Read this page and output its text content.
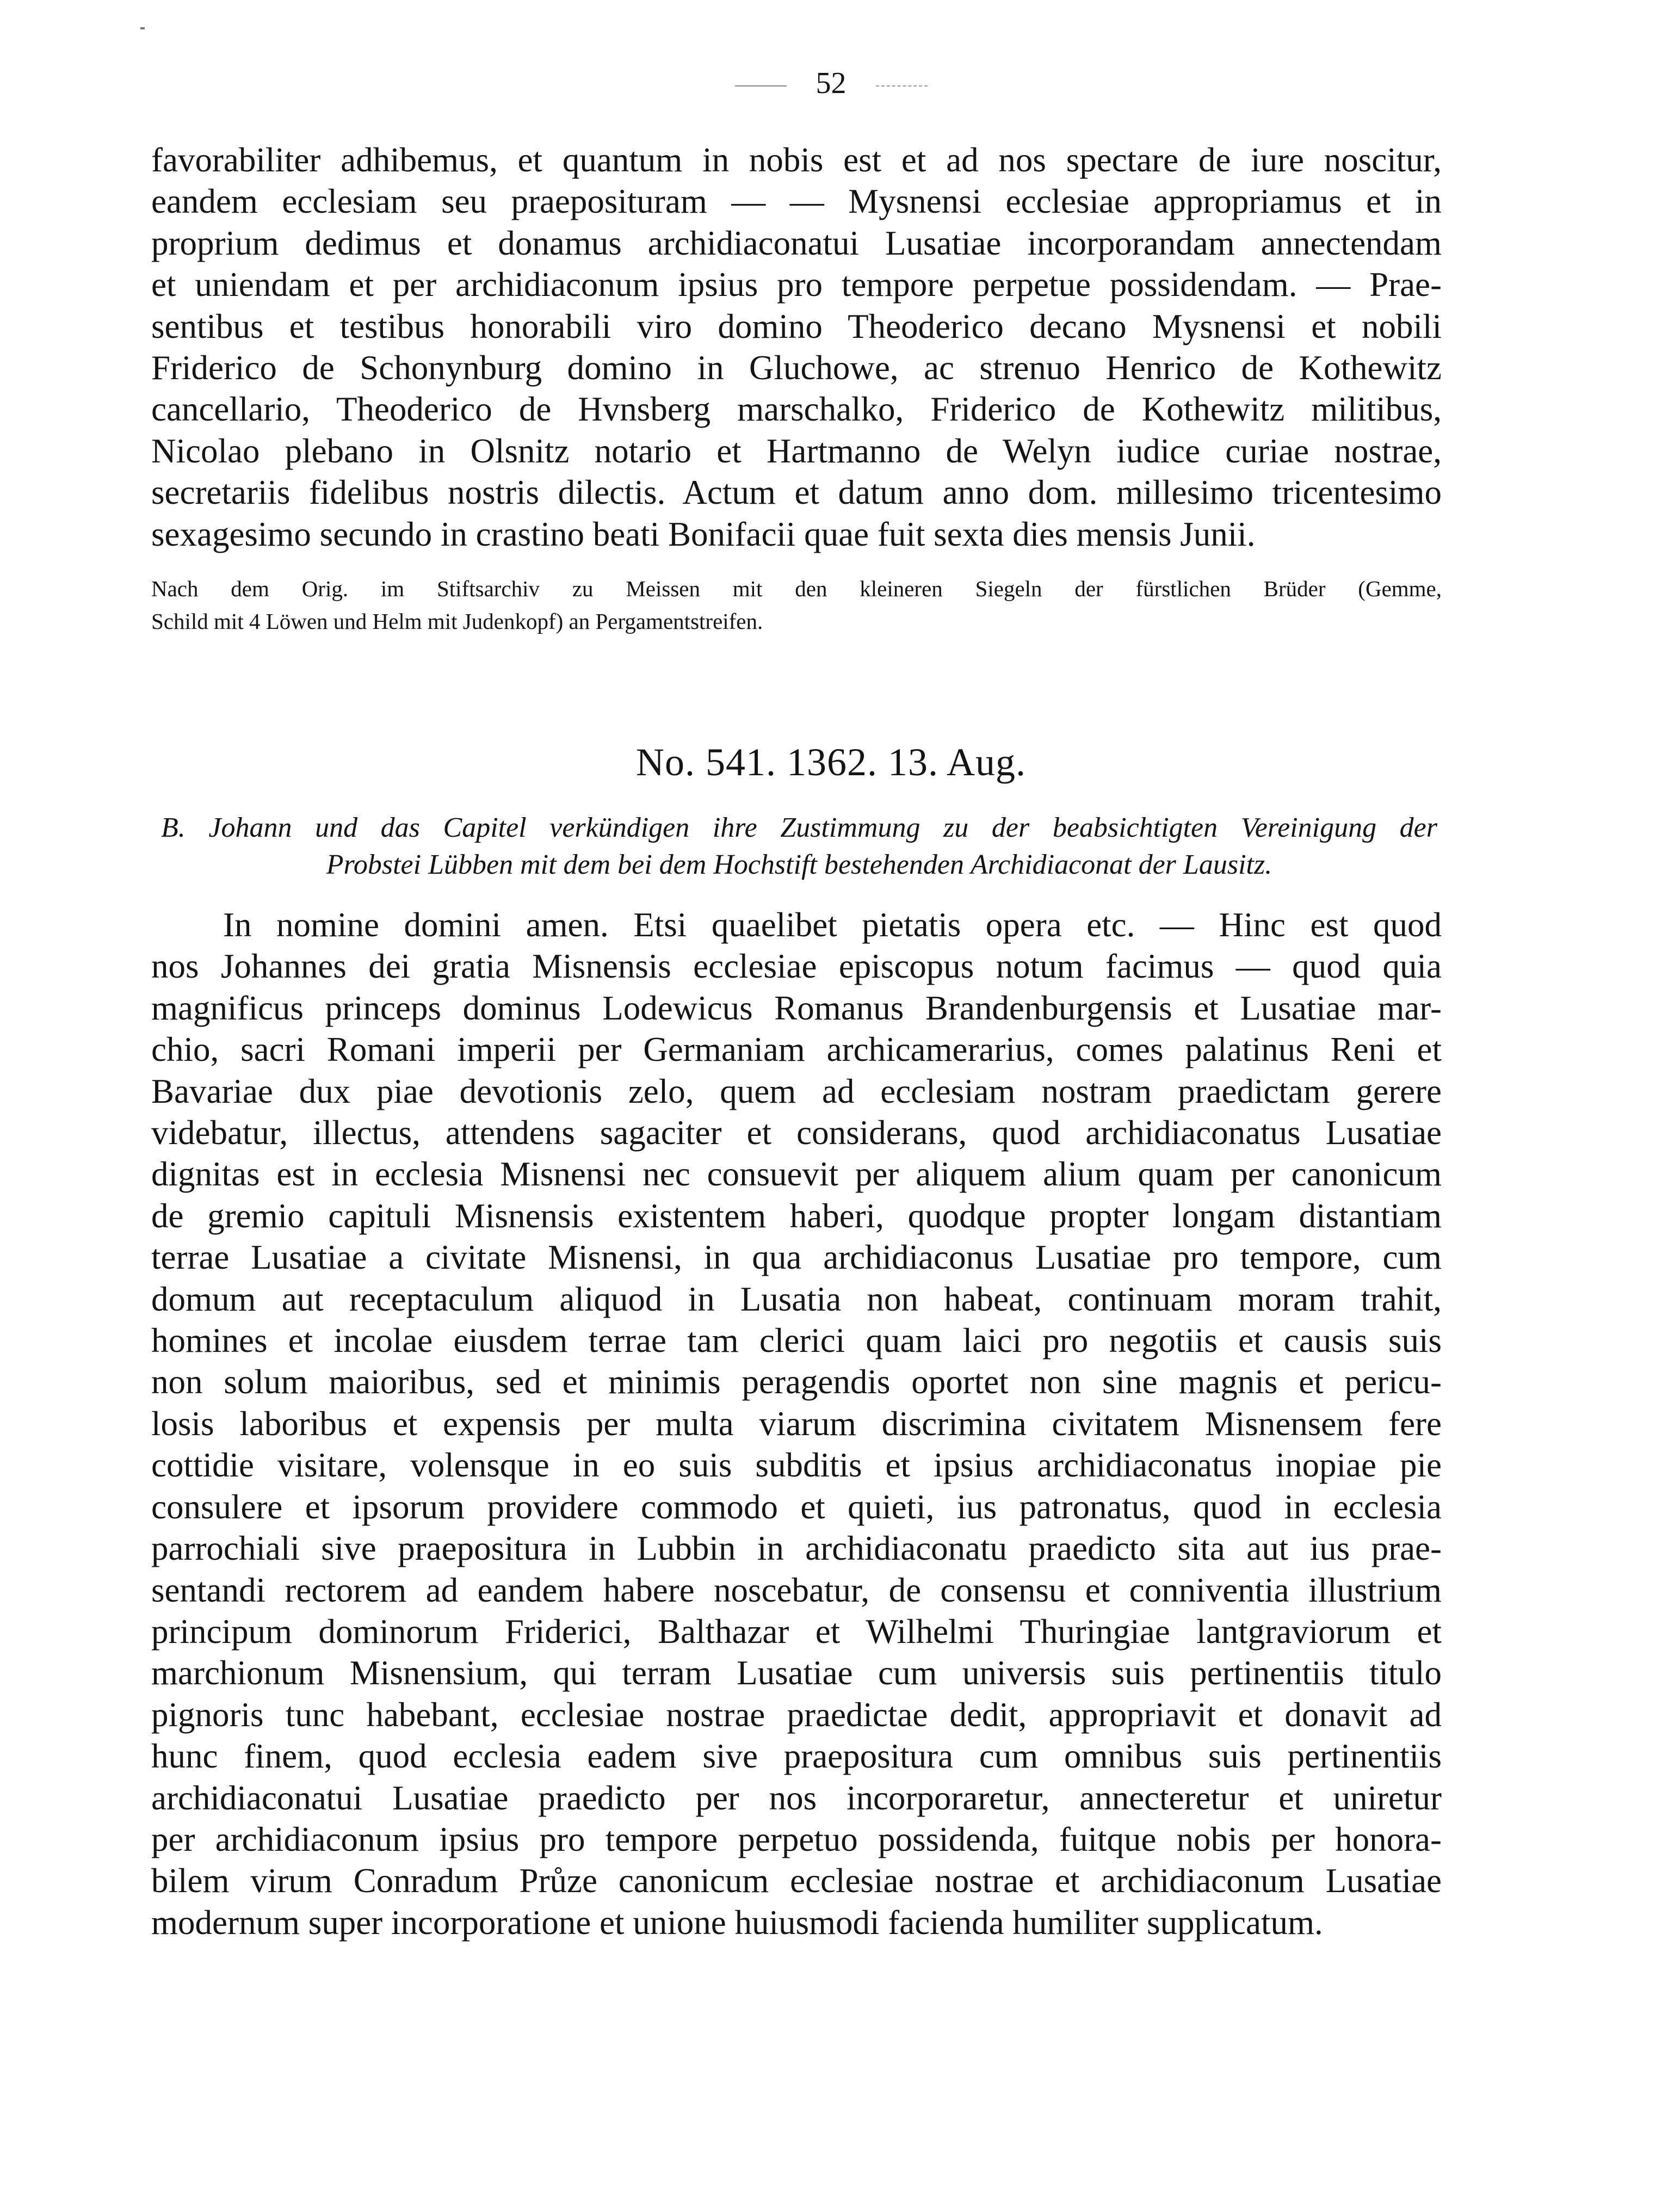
52
favorabiliter adhibemus, et quantum in nobis est et ad nos spectare de iure noscitur,
eandem ecclesiam seu praeposituram — — Mysnensi ecclesiae appropriamus et in
proprium dedimus et donamus archidiaconatui Lusatiae incorporandam annectendam
et uniendam et per archidiaconum ipsius pro tempore perpetue possidendam. — Prae-
sentibus et testibus honorabili viro domino Theoderico decano Mysnensi et nobili
Friderico de Schonynburg domino in Gluchowe, ac strenuo Henrico de Kothewitz
cancellario, Theoderico de Hvnsberg marschalko, Friderico de Kothewitz militibus,
Nicolao plebano in Olsnitz notario et Hartmanno de Welyn iudice curiae nostrae,
secretariis fidelibus nostris dilectis. Actum et datum anno dom. millesimo tricentesimo
sexagesimo secundo in crastino beati Bonifacii quae fuit sexta dies mensis Junii.
Nach dem Orig. im Stiftsarchiv zu Meissen mit den kleineren Siegeln der fürstlichen Brüder (Gemme,
Schild mit 4 Löwen und Helm mit Judenkopf) an Pergamentstreifen.
No. 541. 1362. 13. Aug.
B. Johann und das Capitel verkündigen ihre Zustimmung zu der beabsichtigten Vereinigung der
Probstei Lübben mit dem bei dem Hochstift bestehenden Archidiaconat der Lausitz.
In nomine domini amen. Etsi quaelibet pietatis opera etc. — Hinc est quod
nos Johannes dei gratia Misnensis ecclesiae episcopus notum facimus — quod quia
magnificus princeps dominus Lodewicus Romanus Brandenburgensis et Lusatiae mar-
chio, sacri Romani imperii per Germaniam archicamerarius, comes palatinus Reni et
Bavariae dux piae devotionis zelo, quem ad ecclesiam nostram praedictam gerere
videbatur, illectus, attendens sagaciter et considerans, quod archidiaconatus Lusatiae
dignitas est in ecclesia Misnensi nec consuevit per aliquem alium quam per canonicum
de gremio capituli Misnensis existentem haberi, quodque propter longam distantiam
terrae Lusatiae a civitate Misnensi, in qua archidiaconus Lusatiae pro tempore, cum
domum aut receptaculum aliquod in Lusatia non habeat, continuam moram trahit,
homines et incolae eiusdem terrae tam clerici quam laici pro negotiis et causis suis
non solum maioribus, sed et minimis peragendis oportet non sine magnis et pericu-
losis laboribus et expensis per multa viarum discrimina civitatem Misnensem fere
cottidie visitare, volensque in eo suis subditis et ipsius archidiaconatus inopiae pie
consulere et ipsorum providere commodo et quieti, ius patronatus, quod in ecclesia
parrochiali sive praepositura in Lubbin in archidiaconatu praedicto sita aut ius prae-
sentandi rectorem ad eandem habere noscebatur, de consensu et conniventia illustrium
principum dominorum Friderici, Balthazar et Wilhelmi Thuringiae lantgraviorum et
marchionum Misnensium, qui terram Lusatiae cum universis suis pertinentiis titulo
pignoris tunc habebant, ecclesiae nostrae praedictae dedit, appropriavit et donavit ad
hunc finem, quod ecclesia eadem sive praepositura cum omnibus suis pertinentiis
archidiaconatui Lusatiae praedicto per nos incorporaretur, annecteretur et uniretur
per archidiaconum ipsius pro tempore perpetuo possidenda, fuitque nobis per honora-
bilem virum Conradum Průze canonicum ecclesiae nostrae et archidiaconum Lusatiae
modernum super incorporatione et unione huiusmodi facienda humiliter supplicatum.
